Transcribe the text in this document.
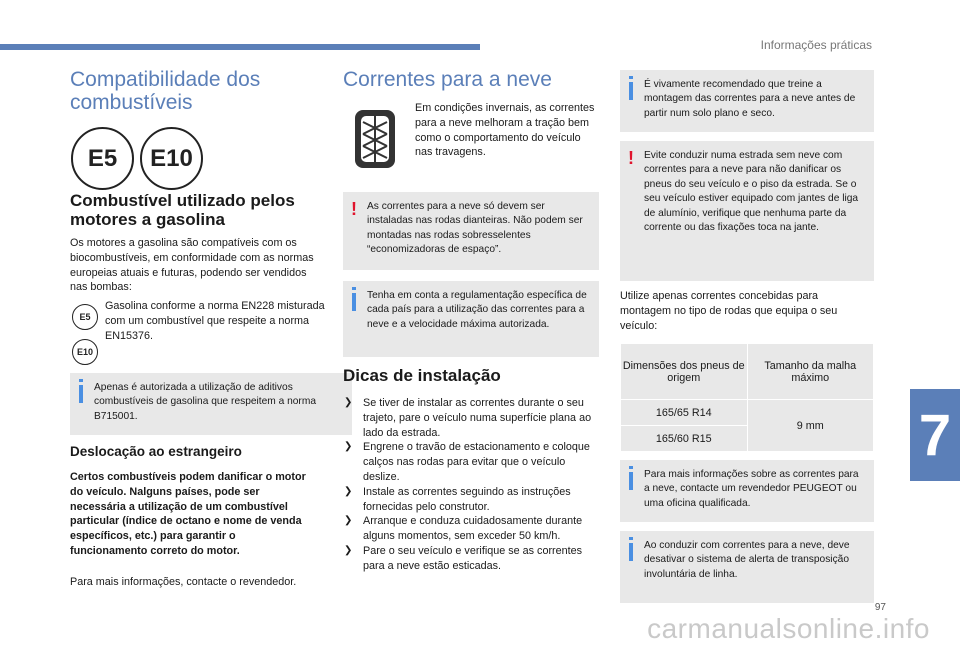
Informações práticas
Compatibilidade dos combustíveis
E5	E10
Combustível utilizado pelos motores a gasolina

Os motores a gasolina são compatíveis com os biocombustíveis, em conformidade com as normas europeias atuais e futuras, podendo ser vendidos nas bombas:

E5
E10

Gasolina conforme a norma EN228 misturada com um combustível que respeite a norma EN15376.

Apenas é autorizada a utilização de aditivos combustíveis de gasolina que respeitem a norma B715001.
Deslocação ao estrangeiro

Certos combustíveis podem danificar o motor do veículo. Nalguns países, pode ser necessária a utilização de um combustível particular (índice de octano e nome de venda específicos, etc.) para garantir o funcionamento correto do motor.

Para mais informações, contacte o revendedor.

Correntes para a neve

Em condições invernais, as correntes para a neve melhoram a tração bem como o comportamento do veículo nas travagens.

! As correntes para a neve só devem ser instaladas nas rodas dianteiras. Não podem ser montadas nas rodas sobresselentes “economizadoras de espaço”.
Tenha em conta a regulamentação específica de cada país para a utilização das correntes para a neve e a velocidade máxima autorizada.
Dicas de instalação
❯ Se tiver de instalar as correntes durante o seu trajeto, pare o veículo numa superfície plana ao lado da estrada.
❯ Engrene o travão de estacionamento e coloque calços nas rodas para evitar que o veículo deslize.
❯ Instale as correntes seguindo as instruções fornecidas pelo construtor.
❯ Arranque e conduza cuidadosamente durante alguns momentos, sem exceder 50 km/h.
❯ Pare o seu veículo e verifique se as correntes para a neve estão esticadas.
É vivamente recomendado que treine a montagem das correntes para a neve antes de partir num solo plano e seco.
! Evite conduzir numa estrada sem neve com correntes para a neve para não danificar os pneus do seu veículo e o piso da estrada. Se o seu veículo estiver equipado com jantes de liga de alumínio, verifique que nenhuma parte da corrente ou das fixações toca na jante.

Utilize apenas correntes concebidas para montagem no tipo de rodas que equipa o seu veículo:

Dimensões dos pneus de origem	Tamanho da malha máximo
165/65 R14	9 mm
165/60 R15	
Para mais informações sobre as correntes para a neve, contacte um revendedor PEUGEOT ou uma oficina qualificada.
Ao conduzir com correntes para a neve, deve desativar o sistema de alerta de transposição involuntária de linha.
7
97
carmanualsonline.info
